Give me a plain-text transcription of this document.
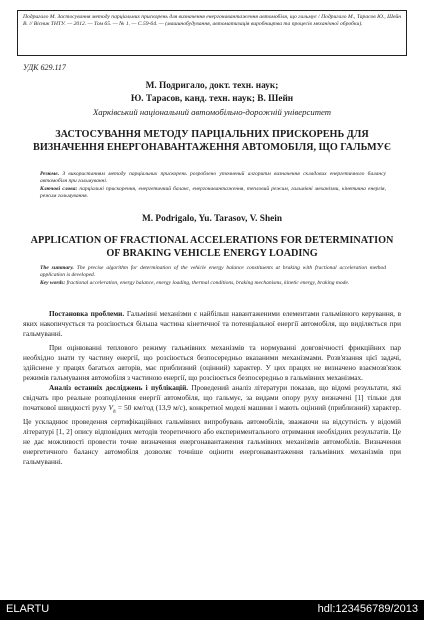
Подригало М. Застосування методу парціальних прискорень для визначення енергонавантаження автомобіля, що гальмує / Подригало М., Тарасов Ю., Шейн В. // Вісник ТНТУ. — 2012. — Том 65. — № 1. — С.59-64. — (машинобудування, автоматизація виробництва та процесів механічної обробки).
УДК 629.117
М. Подригало, докт. техн. наук;
Ю. Тарасов, канд. техн. наук; В. Шейн
Харківський національний автомобільно-дорожній університет
ЗАСТОСУВАННЯ МЕТОДУ ПАРЦІАЛЬНИХ ПРИСКОРЕНЬ ДЛЯ ВИЗНАЧЕННЯ ЕНЕРГОНАВАНТАЖЕННЯ АВТОМОБІЛЯ, ЩО ГАЛЬМУЄ
Резюме. З використанням методу парціальних прискорень розроблено уточнений алгоритм визначення складових енергетичного балансу автомобіля при гальмуванні.
Ключові слова: парціальні прискорення, енергетичний баланс, енергонавантаження, тепловий режим, гальмівні механізми, кінетична енергія, режим гальмування.
M. Podrigalo, Yu. Tarasov, V. Shein
APPLICATION OF FRACTIONAL ACCELERATIONS FOR DETERMINATION OF BRAKING VEHICLE ENERGY LOADING
The summary. The precise algorithm for determination of the vehicle energy balance constituents at braking with fractional acceleration method application is developed.
Key words: fractional acceleration, energy balance, energy loading, thermal conditions, braking mechanisms, kinetic energy, braking mode.

Постановка проблеми. Гальмівні механізми є найбільш навантаженими елементами гальмівного керування, в яких накопичується та розсіюється більша частина кінетичної та потенціальної енергії автомобіля, що виділяється при гальмуванні.

При оцінюванні теплового режиму гальмівних механізмів та нормуванні довговічності фрикційних пар необхідно знати ту частину енергії, що розсіюється безпосередньо вказаними механізмами. Розв'язання цієї задачі, здійснене у працях багатьох авторів, має приблизний (оцінний) характер. У цих працях не визначено взаємозв'язок режимів гальмування автомобіля з частиною енергії, що розсіюється безпосередньо в гальмівних механізмах.

Аналіз останніх досліджень і публікацій. Проведений аналіз літератури показав, що відомі результати, які свідчать про реальне розподілення енергії автомобіля, що гальмує, за видами опору руху визначені [1] тільки для початкової швидкості руху $V_a = 50$ км/год (13,9 м/с), конкретної моделі машини і мають оцінний (приблизний) характер. Це ускладнює проведення сертифікаційних гальмівних випробувань автомобілів, зважаючи на відсутність у відомій літературі [1, 2] опису відповідних методів теоретичного або експериментального отримання необхідних результатів. Це не дає можливості провести точне визначення енергонавантаження гальмівних механізмів автомобілів. Визначення енергетичного балансу автомобіля дозволяє точніше оцінити енергонавантаження гальмівних механізмів при гальмуванні.

ELARTU	hdl:123456789/2013
